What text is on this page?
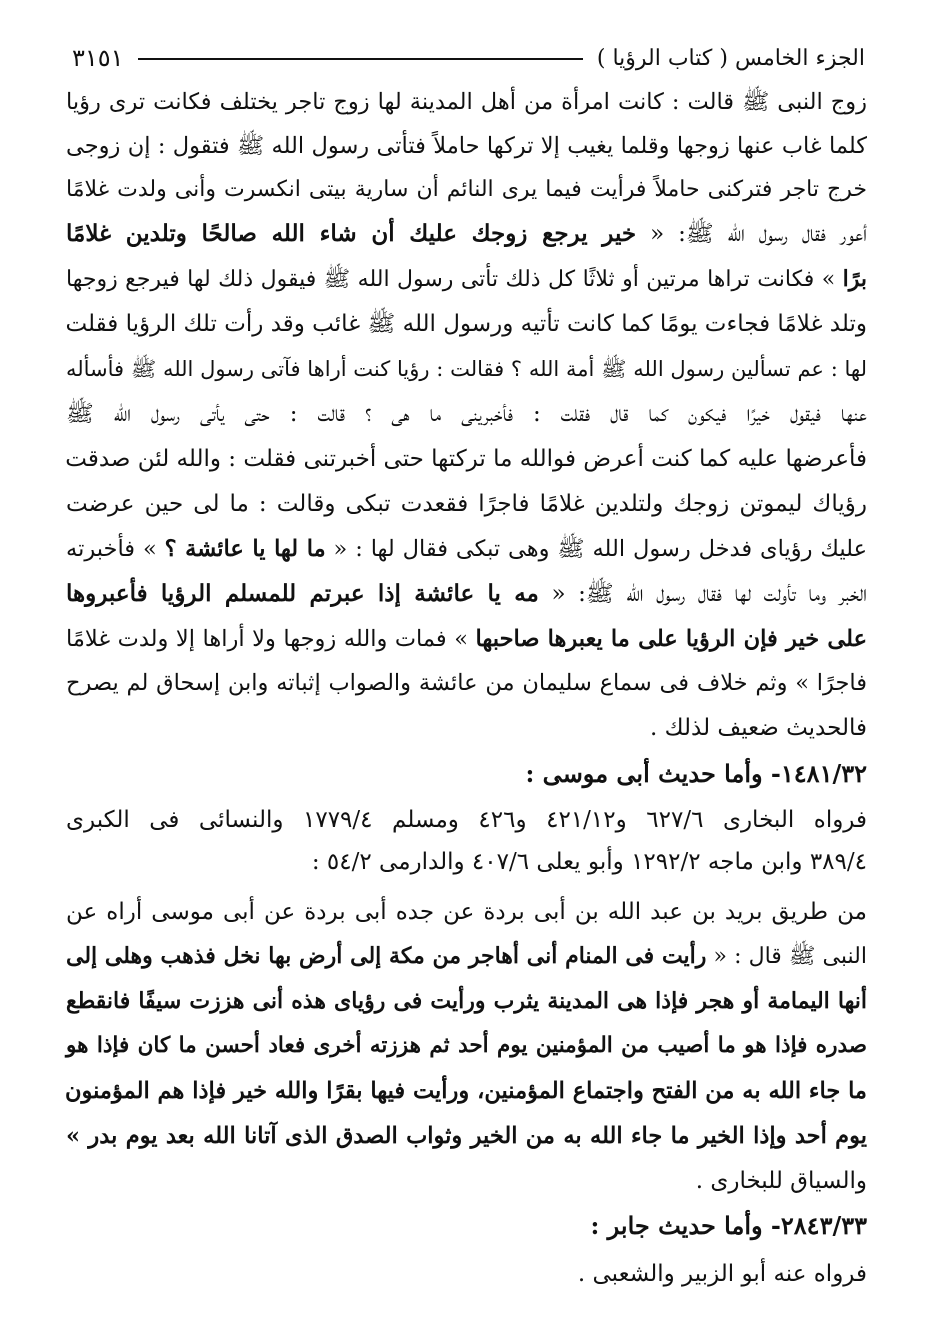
الجزء الخامس ( كتاب الرؤيا )
٣١٥١
زوج النبى ﷺ قالت : كانت امرأة من أهل المدينة لها زوج تاجر يختلف فكانت ترى رؤيا
كلما غاب عنها زوجها وقلما يغيب إلا تركها حاملاً فتأتى رسول الله ﷺ فتقول : إن زوجى
خرج تاجر فتركنى حاملاً فرأيت فيما يرى النائم أن سارية بيتى انكسرت وأنى ولدت غلامًا
أعور فقال رسول الله ﷺ: « خير يرجع زوجك عليك أن شاء الله صالحًا وتلدين غلامًا
برًا » فكانت تراها مرتين أو ثلاثًا كل ذلك تأتى رسول الله ﷺ فيقول ذلك لها فيرجع زوجها
وتلد غلامًا فجاءت يومًا كما كانت تأتيه ورسول الله ﷺ غائب وقد رأت تلك الرؤيا فقلت
لها : عم تسألين رسول الله ﷺ أمة الله ؟ فقالت : رؤيا كنت أراها فآتى رسول الله ﷺ فأسأله
عنها فيقول خيرًا فيكون كما قال فقلت : فأخبرينى ما هى ؟ قالت : حتى يأتى رسول الله ﷺ
فأعرضها عليه كما كنت أعرض فوالله ما تركتها حتى أخبرتنى فقلت : والله لئن صدقت
رؤياك ليموتن زوجك ولتلدين غلامًا فاجرًا فقعدت تبكى وقالت : ما لى حين عرضت
عليك رؤياى فدخل رسول الله ﷺ وهى تبكى فقال لها : « ما لها يا عائشة ؟ » فأخبرته
الخبر وما تأولت لها فقال رسول الله ﷺ: « مه يا عائشة إذا عبرتم للمسلم الرؤيا فأعبروها
على خير فإن الرؤيا على ما يعبرها صاحبها » فمات والله زوجها ولا أراها إلا ولدت غلامًا
فاجرًا » وثم خلاف فى سماع سليمان من عائشة والصواب إثباته وابن إسحاق لم يصرح
فالحديث ضعيف لذلك .
١٤٨١/٣٢- وأما حديث أبى موسى :
فرواه البخارى ٦٢٧/٦ و٤٢١/١٢ و٤٢٦ ومسلم ١٧٧٩/٤ والنسائى فى الكبرى
٣٨٩/٤ وابن ماجه ١٢٩٢/٢ وأبو يعلى ٤٠٧/٦ والدارمى ٥٤/٢ :
من طريق بريد بن عبد الله بن أبى بردة عن جده أبى بردة عن أبى موسى أراه عن
النبى ﷺ قال : « رأيت فى المنام أنى أهاجر من مكة إلى أرض بها نخل فذهب وهلى إلى
أنها اليمامة أو هجر فإذا هى المدينة يثرب ورأيت فى رؤياى هذه أنى هززت سيفًا فانقطع
صدره فإذا هو ما أصيب من المؤمنين يوم أحد ثم هززته أخرى فعاد أحسن ما كان فإذا هو
ما جاء الله به من الفتح واجتماع المؤمنين، ورأيت فيها بقرًا والله خير فإذا هم المؤمنون
يوم أحد وإذا الخير ما جاء الله به من الخير وثواب الصدق الذى آتانا الله بعد يوم بدر »
والسياق للبخارى .
٢٨٤٣/٣٣- وأما حديث جابر :
فرواه عنه أبو الزبير والشعبى .
